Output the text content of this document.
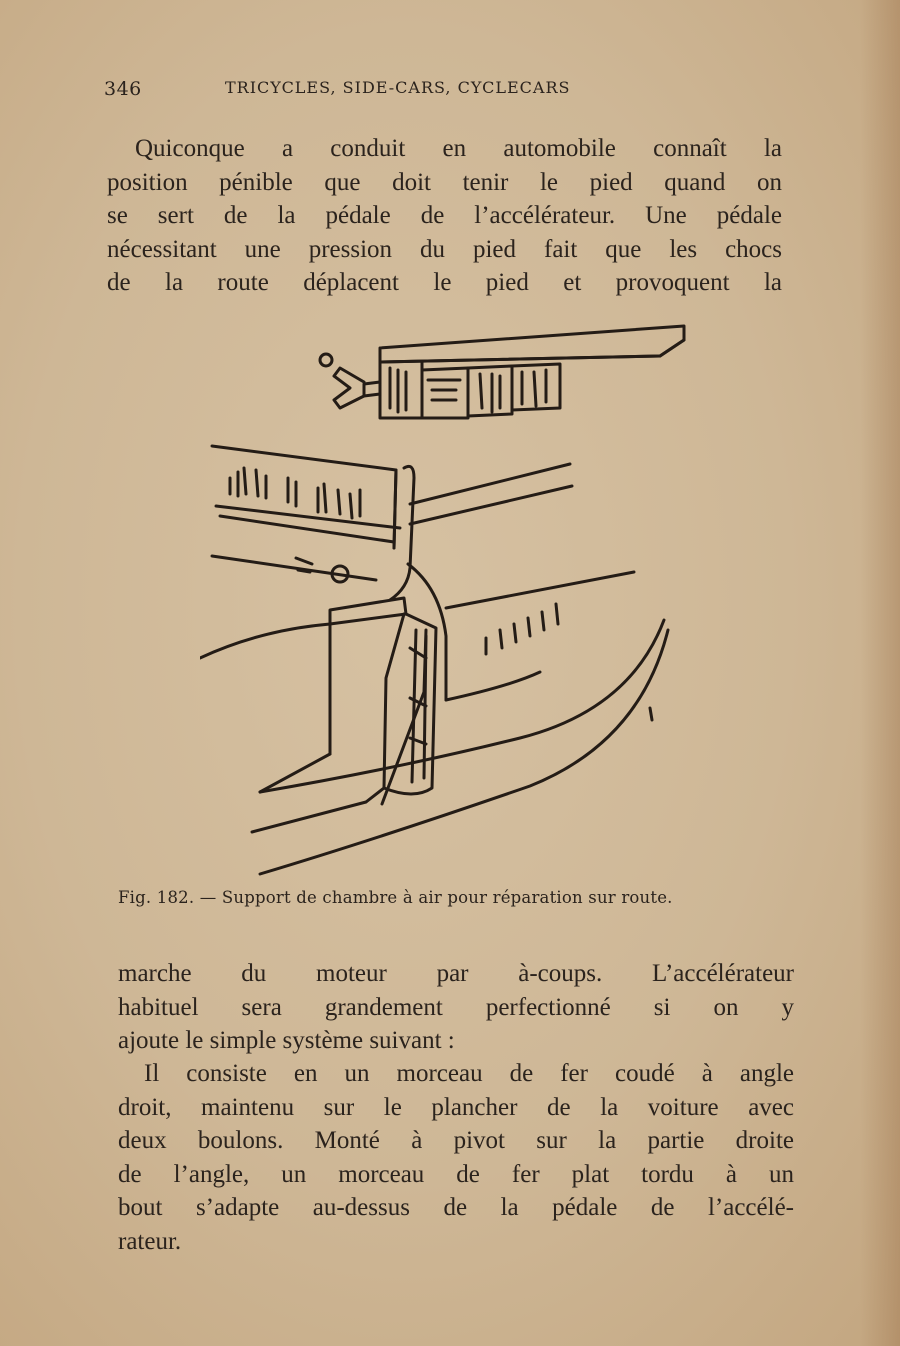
346	TRICYCLES, SIDE-CARS, CYCLECARS
Quiconque a conduit en automobile connaît la
position pénible que doit tenir le pied quand on
se sert de la pédale de l’accélérateur. Une pédale
nécessitant une pression du pied fait que les chocs
de la route déplacent le pied et provoquent la
Fig. 182. — Support de chambre à air pour réparation sur route.
marche du moteur par à-coups. L’accélérateur
habituel sera grandement perfectionné si on y
ajoute le simple système suivant :
Il consiste en un morceau de fer coudé à angle
droit, maintenu sur le plancher de la voiture avec
deux boulons. Monté à pivot sur la partie droite
de l’angle, un morceau de fer plat tordu à un
bout s’adapte au-dessus de la pédale de l’accélé-
rateur.
